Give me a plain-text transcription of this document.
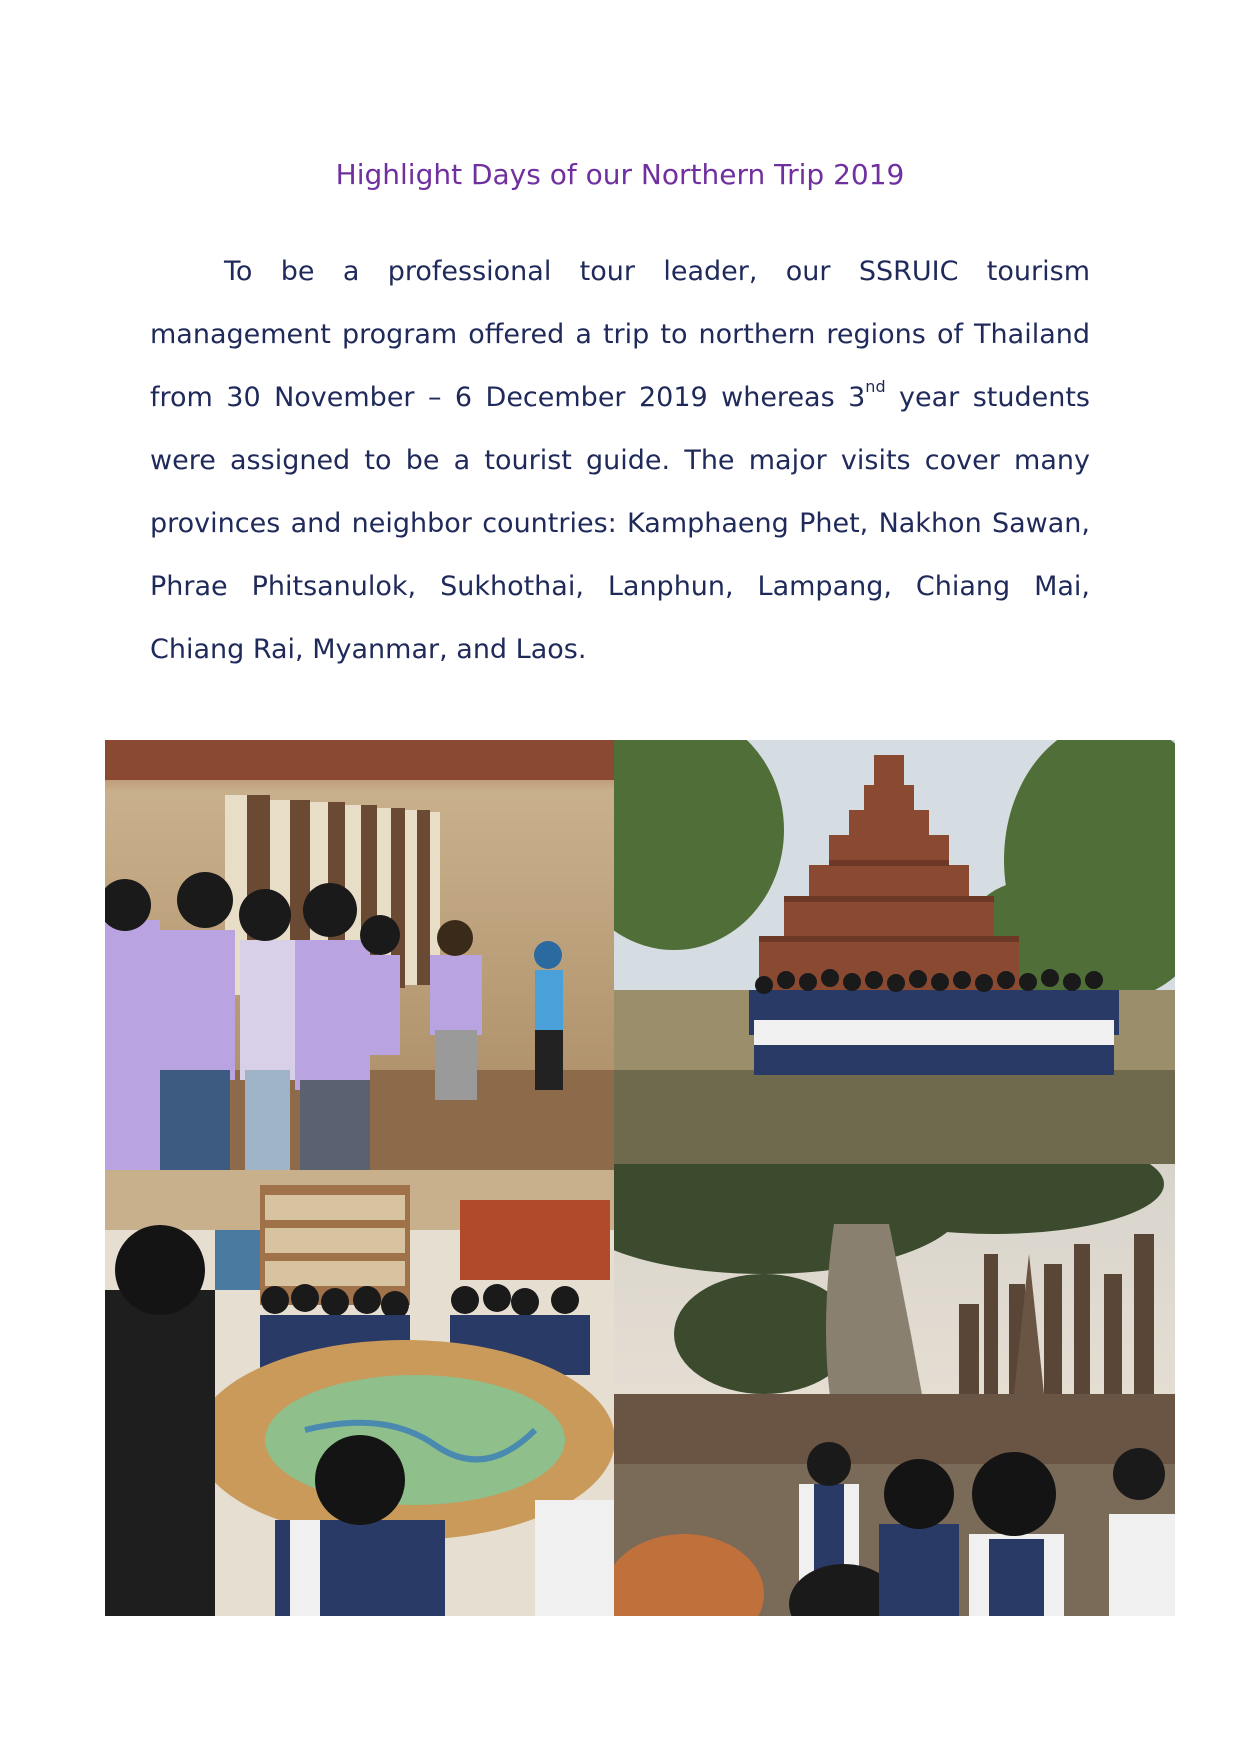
Highlight Days of our Northern Trip 2019

To be a professional tour leader, our SSRUIC tourism management program offered a trip to northern regions of Thailand from 30 November – 6 December 2019 whereas 3nd year students were assigned to be a tourist guide. The major visits cover many provinces and neighbor countries: Kamphaeng Phet, Nakhon Sawan, Phrae Phitsanulok, Sukhothai, Lanphun, Lampang, Chiang Mai, Chiang Rai, Myanmar, and Laos.
